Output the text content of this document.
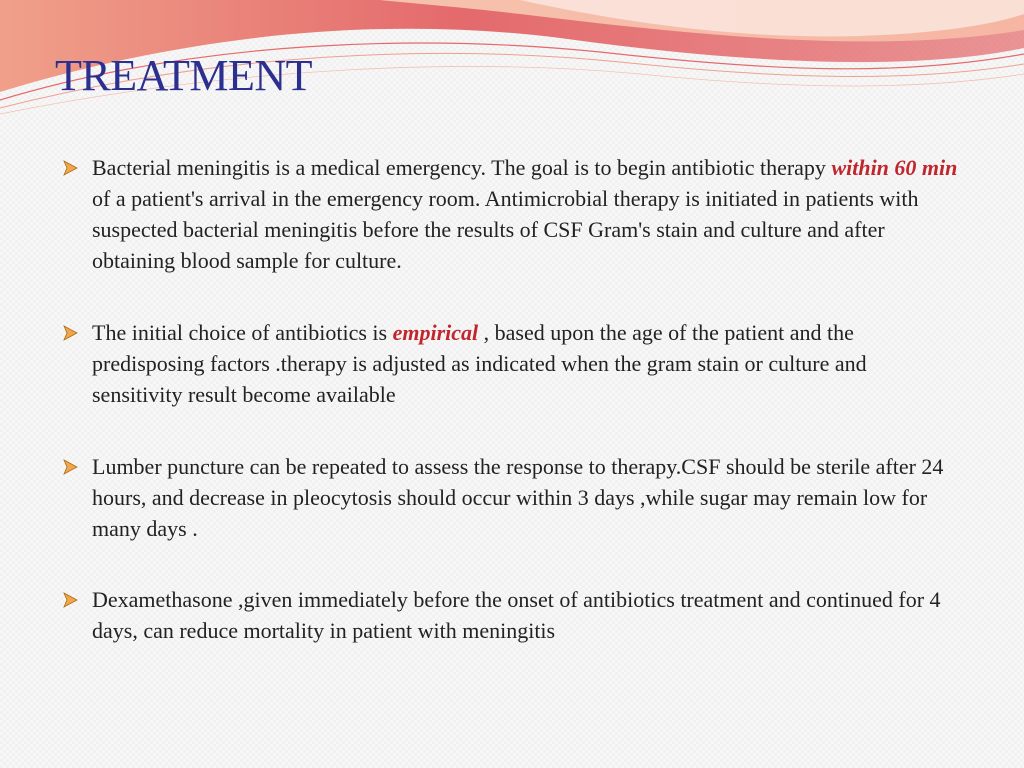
TREATMENT
Bacterial meningitis is a medical emergency. The goal is to begin antibiotic therapy within 60 min of a patient's arrival in the emergency room. Antimicrobial therapy is initiated in patients with suspected bacterial meningitis before the results of CSF Gram's stain and culture and after obtaining blood sample for culture.
The initial choice of antibiotics is empirical , based upon the age of the patient and the predisposing factors .therapy is adjusted as indicated when the gram stain or culture and sensitivity result become available
Lumber puncture can be repeated to assess the response to therapy.CSF should be sterile after 24 hours, and decrease in pleocytosis should occur within 3 days ,while sugar may remain low for many days .
Dexamethasone ,given immediately before the onset of antibiotics treatment and continued for 4 days, can reduce mortality in patient with meningitis
